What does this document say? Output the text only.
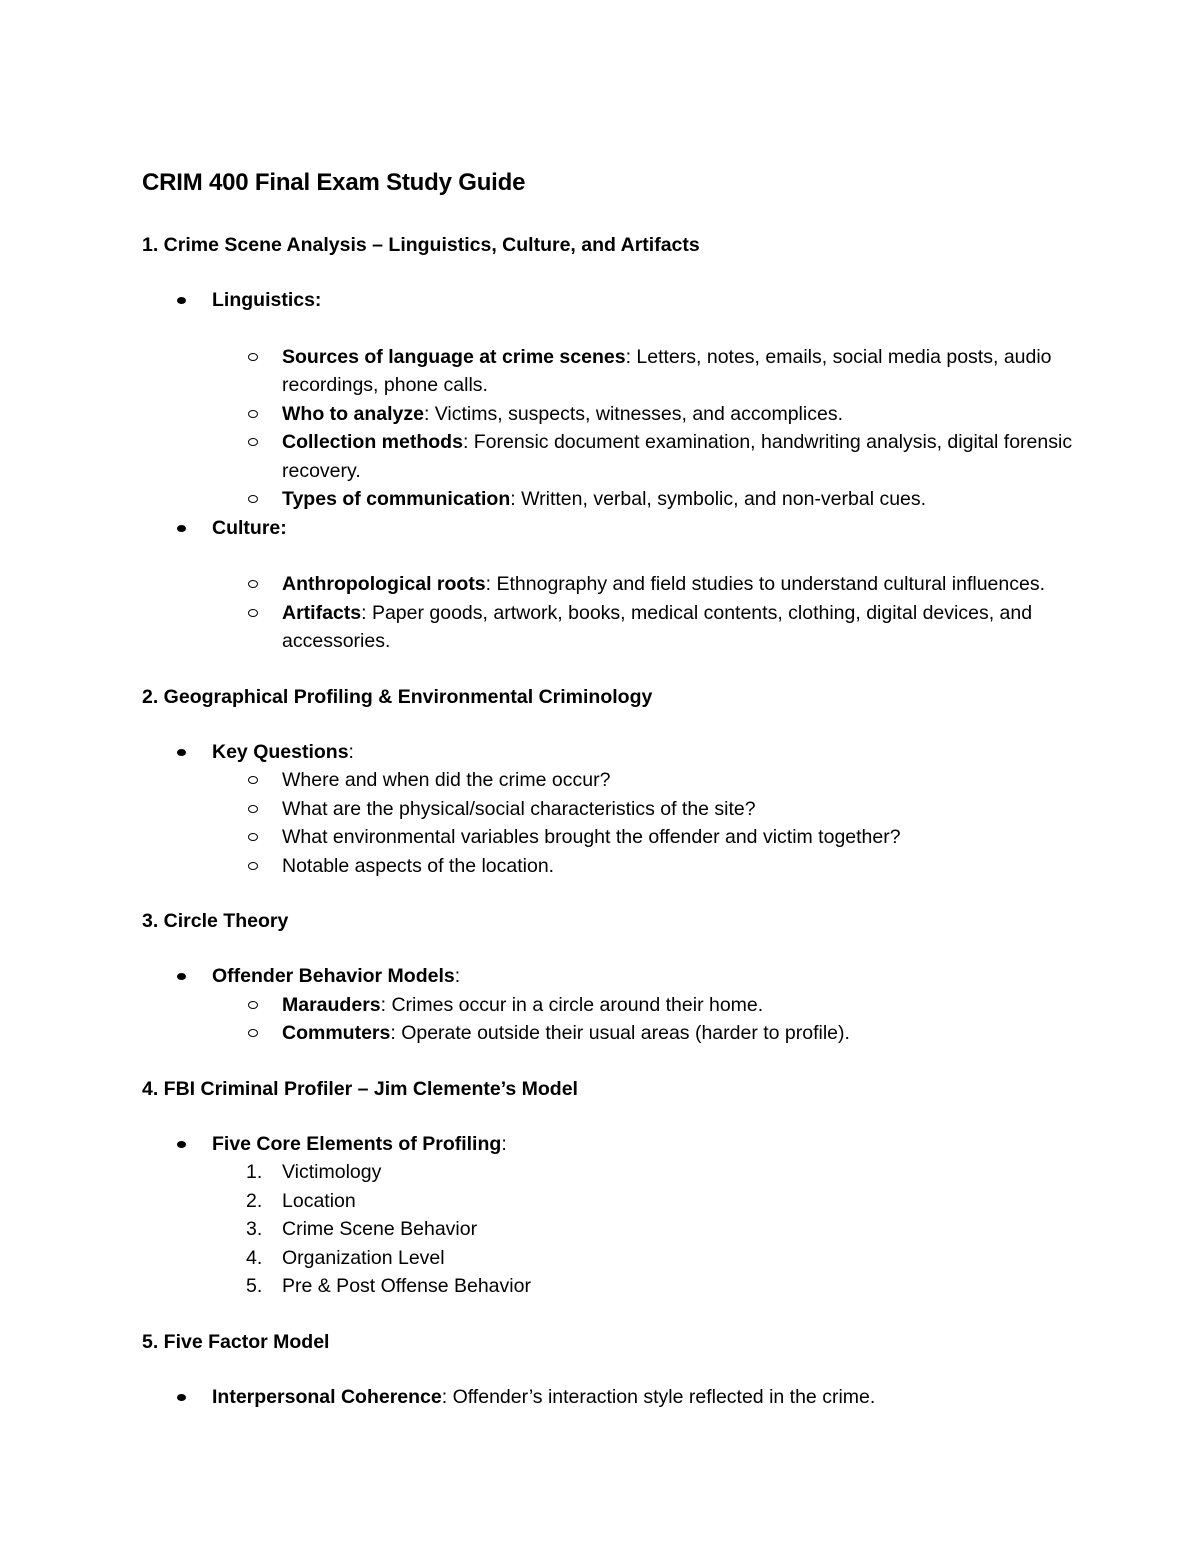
CRIM 400 Final Exam Study Guide
1. Crime Scene Analysis – Linguistics, Culture, and Artifacts
Linguistics:
Sources of language at crime scenes: Letters, notes, emails, social media posts, audio recordings, phone calls.
Who to analyze: Victims, suspects, witnesses, and accomplices.
Collection methods: Forensic document examination, handwriting analysis, digital forensic recovery.
Types of communication: Written, verbal, symbolic, and non-verbal cues.
Culture:
Anthropological roots: Ethnography and field studies to understand cultural influences.
Artifacts: Paper goods, artwork, books, medical contents, clothing, digital devices, and accessories.
2. Geographical Profiling & Environmental Criminology
Key Questions:
Where and when did the crime occur?
What are the physical/social characteristics of the site?
What environmental variables brought the offender and victim together?
Notable aspects of the location.
3. Circle Theory
Offender Behavior Models:
Marauders: Crimes occur in a circle around their home.
Commuters: Operate outside their usual areas (harder to profile).
4. FBI Criminal Profiler – Jim Clemente’s Model
Five Core Elements of Profiling:
1. Victimology
2. Location
3. Crime Scene Behavior
4. Organization Level
5. Pre & Post Offense Behavior
5. Five Factor Model
Interpersonal Coherence: Offender’s interaction style reflected in the crime.
